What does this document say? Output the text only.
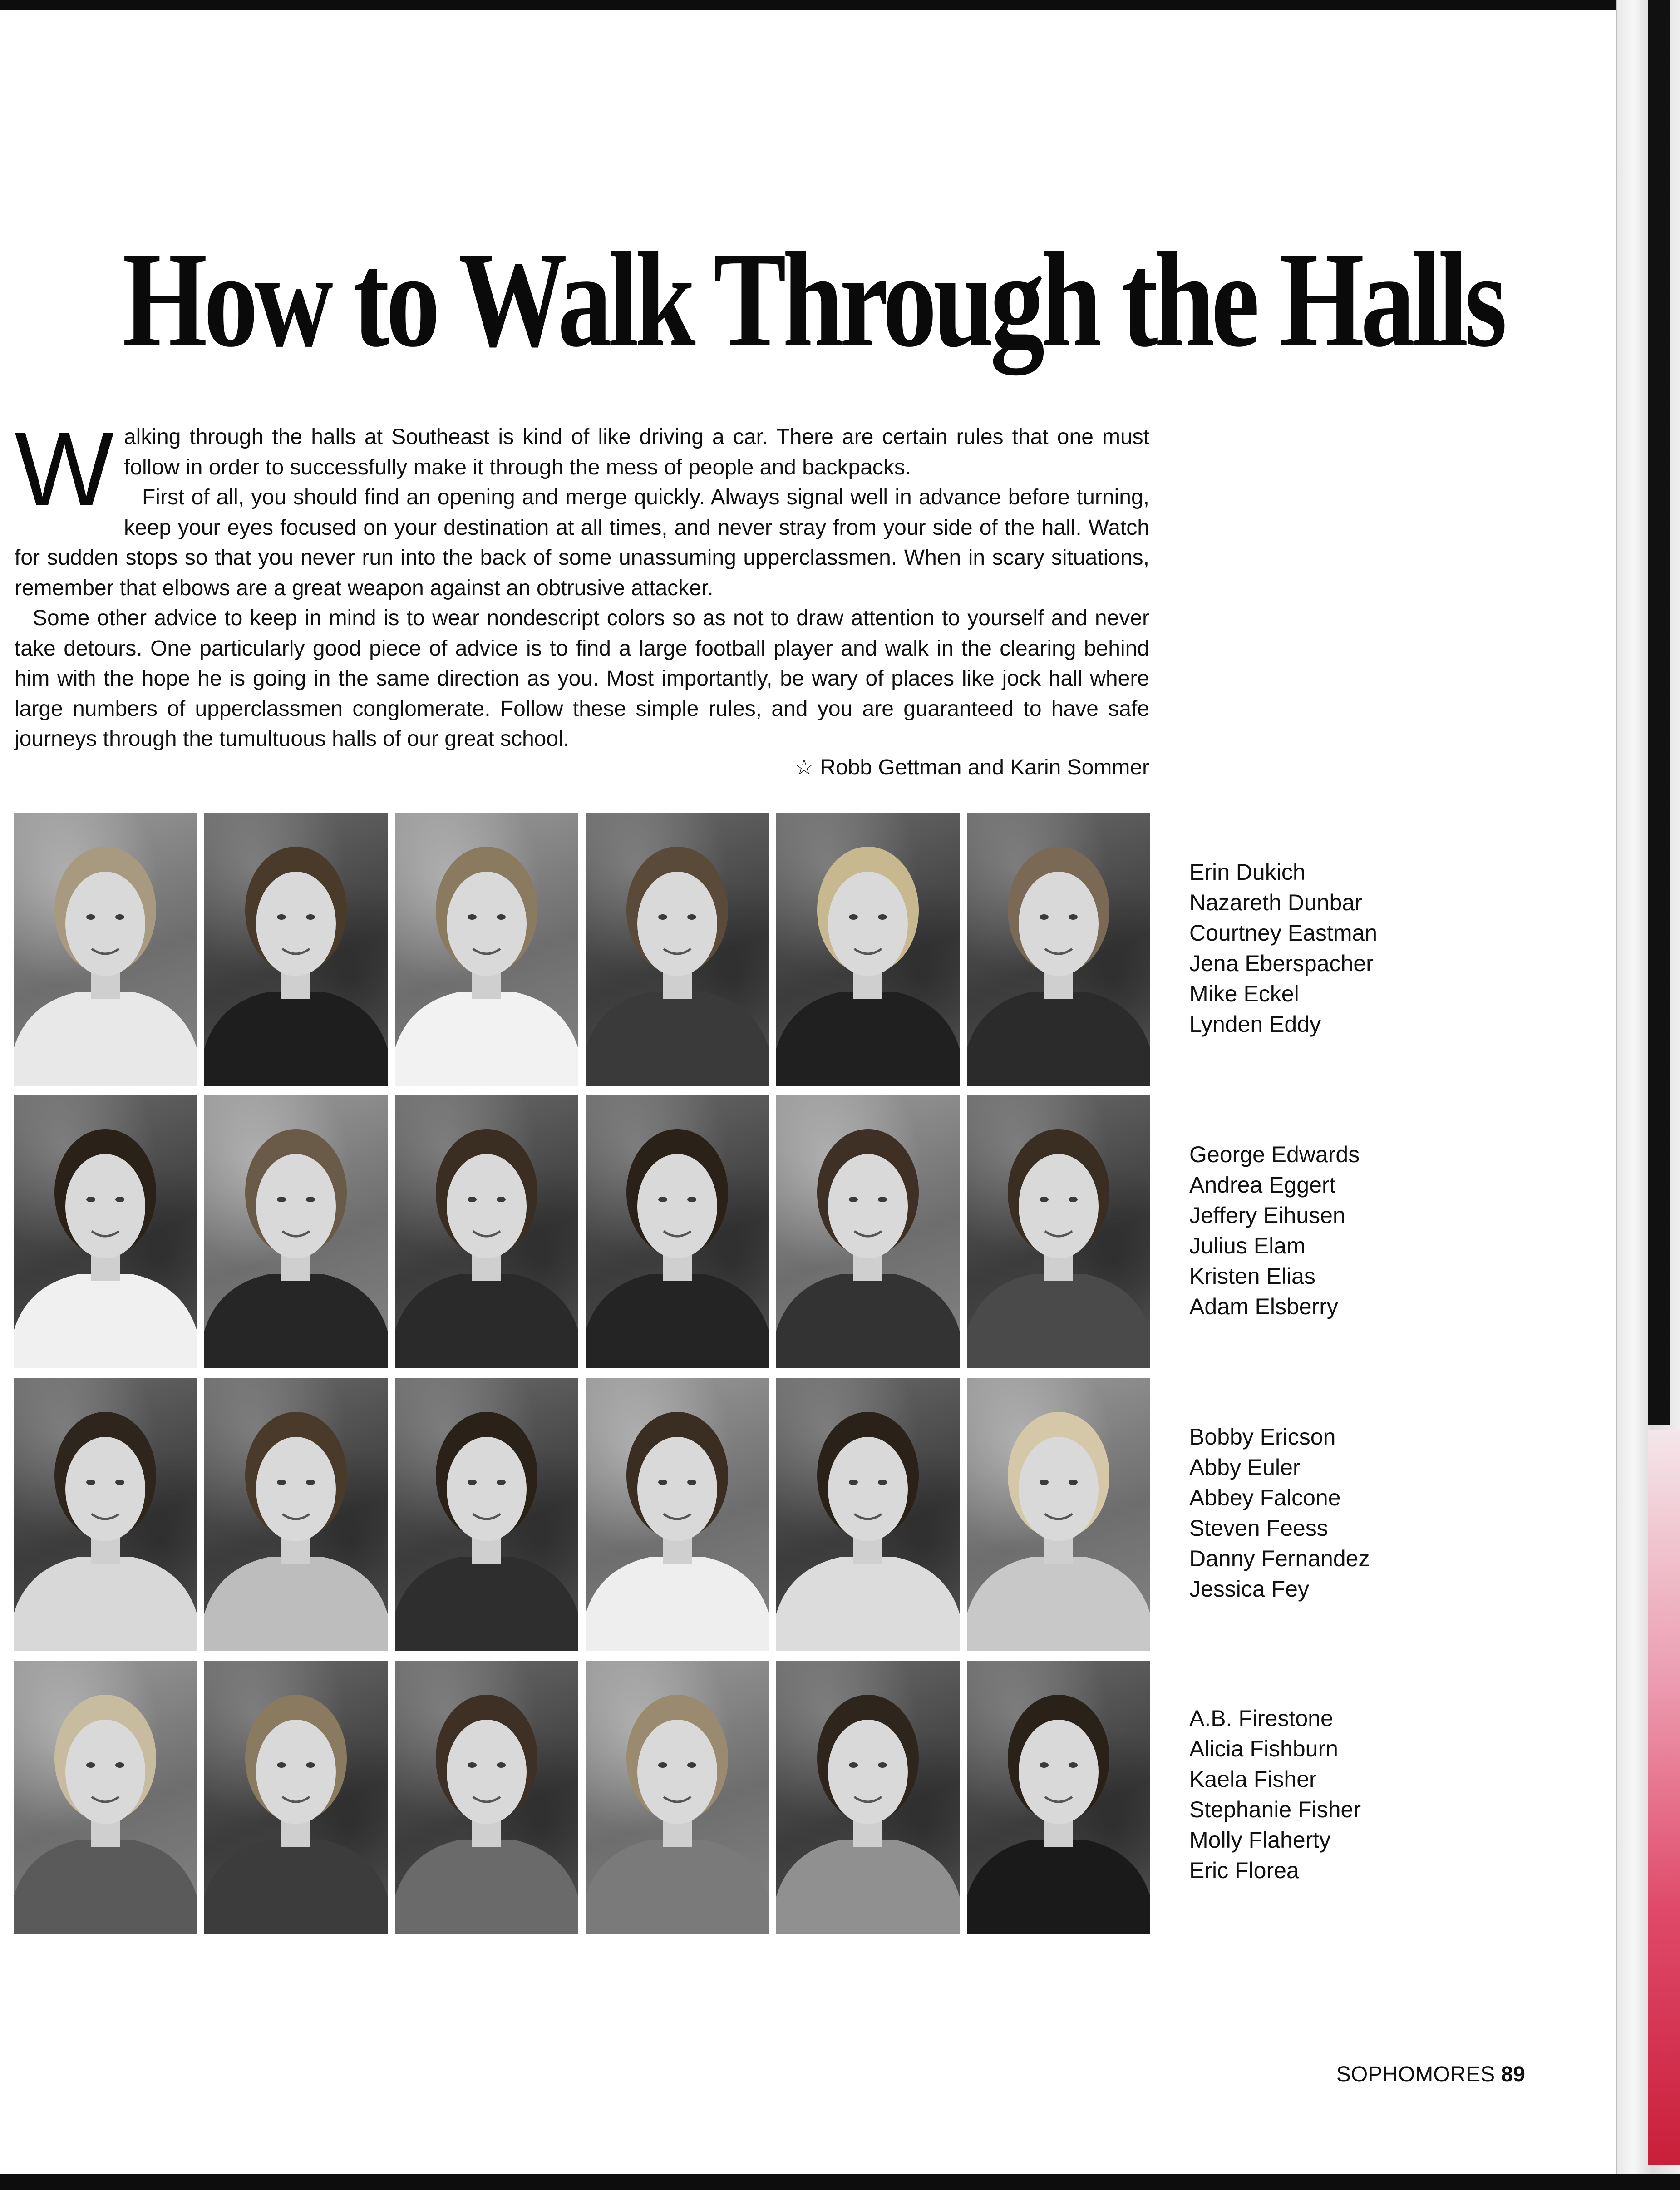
How to Walk Through the Halls
W alking through the halls at Southeast is kind of like driving a car. There are certain rules that one must follow in order to successfully make it through the mess of people and backpacks.

First of all, you should find an opening and merge quickly. Always signal well in advance before turning, keep your eyes focused on your destination at all times, and never stray from your side of the hall. Watch for sudden stops so that you never run into the back of some unassuming upperclassmen. When in scary situations, remember that elbows are a great weapon against an obtrusive attacker.

Some other advice to keep in mind is to wear nondescript colors so as not to draw attention to yourself and never take detours. One particularly good piece of advice is to find a large football player and walk in the clearing behind him with the hope he is going in the same direction as you. Most importantly, be wary of places like jock hall where large numbers of upperclassmen conglomerate. Follow these simple rules, and you are guaranteed to have safe journeys through the tumultuous halls of our great school.

☆ Robb Gettman and Karin Sommer
Erin Dukich
Nazareth Dunbar
Courtney Eastman
Jena Eberspacher
Mike Eckel
Lynden Eddy
George Edwards
Andrea Eggert
Jeffery Eihusen
Julius Elam
Kristen Elias
Adam Elsberry
Bobby Ericson
Abby Euler
Abbey Falcone
Steven Feess
Danny Fernandez
Jessica Fey
A.B. Firestone
Alicia Fishburn
Kaela Fisher
Stephanie Fisher
Molly Flaherty
Eric Florea
SOPHOMORES 89
